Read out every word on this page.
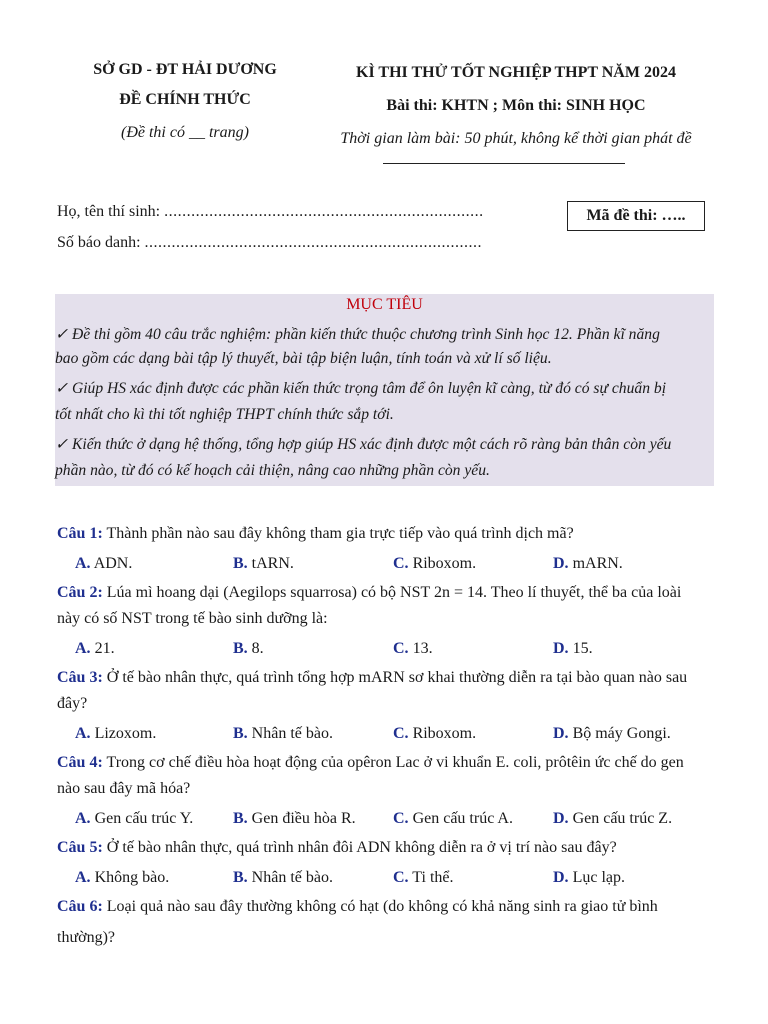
SỞ GD - ĐT HẢI DƯƠNG
ĐỀ CHÍNH THỨC
(Đề thi có __ trang)
KÌ THI THỬ TỐT NGHIỆP THPT NĂM 2024
Bài thi: KHTN ; Môn thi: SINH HỌC
Thời gian làm bài: 50 phút, không kể thời gian phát đề
Họ, tên thí sinh: .......................................................................
Số báo danh: ...........................................................................
Mã đề thi: …..
MỤC TIÊU
✓ Đề thi gồm 40 câu trắc nghiệm: phần kiến thức thuộc chương trình Sinh học 12. Phần kĩ năng
bao gồm các dạng bài tập lý thuyết, bài tập biện luận, tính toán và xử lí số liệu.
✓ Giúp HS xác định được các phần kiến thức trọng tâm để ôn luyện kĩ càng, từ đó có sự chuẩn bị
tốt nhất cho kì thi tốt nghiệp THPT chính thức sắp tới.
✓ Kiến thức ở dạng hệ thống, tổng hợp giúp HS xác định được một cách rõ ràng bản thân còn yếu
phần nào, từ đó có kế hoạch cải thiện, nâng cao những phần còn yếu.
Câu 1: Thành phần nào sau đây không tham gia trực tiếp vào quá trình dịch mã?
A. ADN.	B. tARN.	C. Riboxom.	D. mARN.
Câu 2: Lúa mì hoang dại (Aegilops squarrosa) có bộ NST 2n = 14. Theo lí thuyết, thể ba của loài
này có số NST trong tế bào sinh dưỡng là:
A. 21.	B. 8.	C. 13.	D. 15.
Câu 3: Ở tế bào nhân thực, quá trình tổng hợp mARN sơ khai thường diễn ra tại bào quan nào sau
đây?
A. Lizoxom.	B. Nhân tế bào.	C. Riboxom.	D. Bộ máy Gongi.
Câu 4: Trong cơ chế điều hòa hoạt động của opêron Lac ở vi khuẩn E. coli, prôtêin ức chế do gen
nào sau đây mã hóa?
A. Gen cấu trúc Y. B. Gen điều hòa R. C. Gen cấu trúc A.	D. Gen cấu trúc Z.
Câu 5: Ở tế bào nhân thực, quá trình nhân đôi ADN không diễn ra ở vị trí nào sau đây?
A. Không bào.	B. Nhân tế bào.	C. Ti thể.	D. Lục lạp.
Câu 6: Loại quả nào sau đây thường không có hạt (do không có khả năng sinh ra giao tử bình
thường)?
